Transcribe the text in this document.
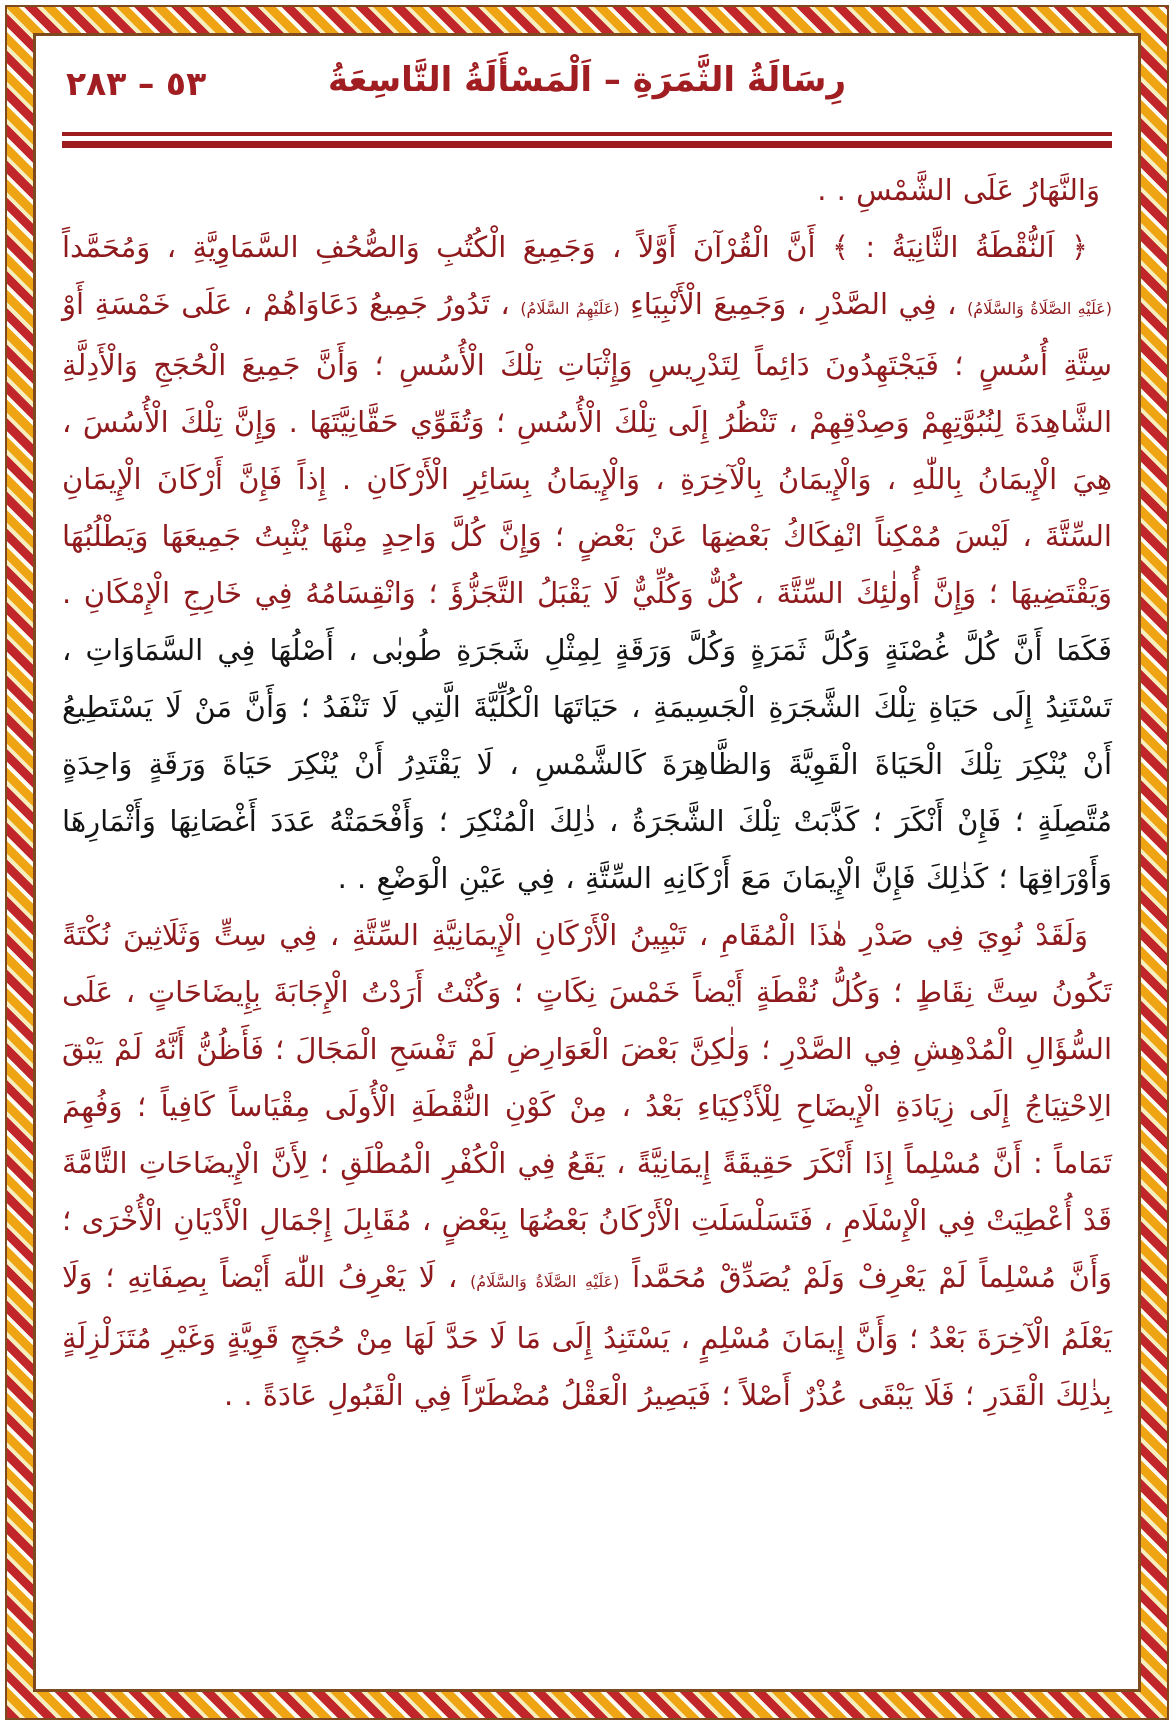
٥٣ – ٢٨٣	رِسَالَةُ الثَّمَرَةِ – اَلْمَسْأَلَةُ التَّاسِعَةُ

وَالنَّهَارُ عَلَى الشَّمْسِ . .

﴿ اَلنُّقْطَةُ الثَّانِيَةُ : ﴾ أَنَّ الْقُرْآنَ أَوَّلاً ، وَجَمِيعَ الْكُتُبِ وَالصُّحُفِ السَّمَاوِيَّةِ ، وَمُحَمَّداً (عَلَيْهِ الصَّلَاةُ وَالسَّلَامُ) ، فِي الصَّدْرِ ، وَجَمِيعَ الْأَنْبِيَاءِ (عَلَيْهِمُ السَّلَامُ) ، تَدُورُ جَمِيعُ دَعَاوَاهُمْ ، عَلَى خَمْسَةِ أَوْ سِتَّةِ أُسُسٍ ؛ فَيَجْتَهِدُونَ دَائِماً لِتَدْرِيسِ وَإِثْبَاتِ تِلْكَ الْأُسُسِ ؛ وَأَنَّ جَمِيعَ الْحُجَجِ وَالْأَدِلَّةِ الشَّاهِدَةَ لِنُبُوَّتِهِمْ وَصِدْقِهِمْ ، تَنْظُرُ إِلَى تِلْكَ الْأُسُسِ ؛ وَتُقَوِّي حَقَّانِيَّتَهَا . وَإِنَّ تِلْكَ الْأُسُسَ ، هِيَ الْإِيمَانُ بِاللّٰهِ ، وَالْإِيمَانُ بِالْآخِرَةِ ، وَالْإِيمَانُ بِسَائِرِ الْأَرْكَانِ . إِذاً فَإِنَّ أَرْكَانَ الْإِيمَانِ السِّتَّةَ ، لَيْسَ مُمْكِناً انْفِكَاكُ بَعْضِهَا عَنْ بَعْضٍ ؛ وَإِنَّ كُلَّ وَاحِدٍ مِنْهَا يُثْبِتُ جَمِيعَهَا وَيَطْلُبُهَا وَيَقْتَضِيهَا ؛ وَإِنَّ أُولٰئِكَ السِّتَّةَ ، كُلٌّ وَكُلِّيٌّ لَا يَقْبَلُ التَّجَزُّؤَ ؛ وَانْقِسَامُهُ فِي خَارِجِ الْإِمْكَانِ . فَكَمَا أَنَّ كُلَّ غُصْنَةٍ وَكُلَّ ثَمَرَةٍ وَكُلَّ وَرَقَةٍ لِمِثْلِ شَجَرَةِ طُوبٰى ، أَصْلُهَا فِي السَّمَاوَاتِ ، تَسْتَنِدُ إِلَى حَيَاةِ تِلْكَ الشَّجَرَةِ الْجَسِيمَةِ ، حَيَاتَهَا الْكُلِّيَّةَ الَّتِي لَا تَنْفَدُ ؛ وَأَنَّ مَنْ لَا يَسْتَطِيعُ أَنْ يُنْكِرَ تِلْكَ الْحَيَاةَ الْقَوِيَّةَ وَالظَّاهِرَةَ كَالشَّمْسِ ، لَا يَقْتَدِرُ أَنْ يُنْكِرَ حَيَاةَ وَرَقَةٍ وَاحِدَةٍ مُتَّصِلَةٍ ؛ فَإِنْ أَنْكَرَ ؛ كَذَّبَتْ تِلْكَ الشَّجَرَةُ ، ذٰلِكَ الْمُنْكِرَ ؛ وَأَفْحَمَتْهُ عَدَدَ أَغْصَانِهَا وَأَثْمَارِهَا وَأَوْرَاقِهَا ؛ كَذٰلِكَ فَإِنَّ الْإِيمَانَ مَعَ أَرْكَانِهِ السِّتَّةِ ، فِي عَيْنِ الْوَضْعِ . .

وَلَقَدْ نُوِيَ فِي صَدْرِ هٰذَا الْمُقَامِ ، تَبْيِينُ الْأَرْكَانِ الْإِيمَانِيَّةِ السِّتَّةِ ، فِي سِتٍّ وَثَلَاثِينَ نُكْتَةً تَكُونُ سِتَّ نِقَاطٍ ؛ وَكُلُّ نُقْطَةٍ أَيْضاً خَمْسَ نِكَاتٍ ؛ وَكُنْتُ أَرَدْتُ الْإِجَابَةَ بِإِيضَاحَاتٍ ، عَلَى السُّؤَالِ الْمُدْهِشِ فِي الصَّدْرِ ؛ وَلٰكِنَّ بَعْضَ الْعَوَارِضِ لَمْ تَفْسَحِ الْمَجَالَ ؛ فَأَظُنُّ أَنَّهُ لَمْ يَبْقَ الِاحْتِيَاجُ إِلَى زِيَادَةِ الْإِيضَاحِ لِلْأَذْكِيَاءِ بَعْدُ ، مِنْ كَوْنِ النُّقْطَةِ الْأُولَى مِقْيَاساً كَافِياً ؛ وَفُهِمَ تَمَاماً : أَنَّ مُسْلِماً إِذَا أَنْكَرَ حَقِيقَةً إِيمَانِيَّةً ، يَقَعُ فِي الْكُفْرِ الْمُطْلَقِ ؛ لِأَنَّ الْإِيضَاحَاتِ التَّامَّةَ قَدْ أُعْطِيَتْ فِي الْإِسْلَامِ ، فَتَسَلْسَلَتِ الْأَرْكَانُ بَعْضُهَا بِبَعْضٍ ، مُقَابِلَ إِجْمَالِ الْأَدْيَانِ الْأُخْرَى ؛ وَأَنَّ مُسْلِماً لَمْ يَعْرِفْ وَلَمْ يُصَدِّقْ مُحَمَّداً (عَلَيْهِ الصَّلَاةُ وَالسَّلَامُ) ، لَا يَعْرِفُ اللّٰهَ أَيْضاً بِصِفَاتِهِ ؛ وَلَا يَعْلَمُ الْآخِرَةَ بَعْدُ ؛ وَأَنَّ إِيمَانَ مُسْلِمٍ ، يَسْتَنِدُ إِلَى مَا لَا حَدَّ لَهَا مِنْ حُجَجٍ قَوِيَّةٍ وَغَيْرِ مُتَزَلْزِلَةٍ بِذٰلِكَ الْقَدَرِ ؛ فَلَا يَبْقَى عُذْرٌ أَصْلاً ؛ فَيَصِيرُ الْعَقْلُ مُضْطَرّاً فِي الْقَبُولِ عَادَةً . .
